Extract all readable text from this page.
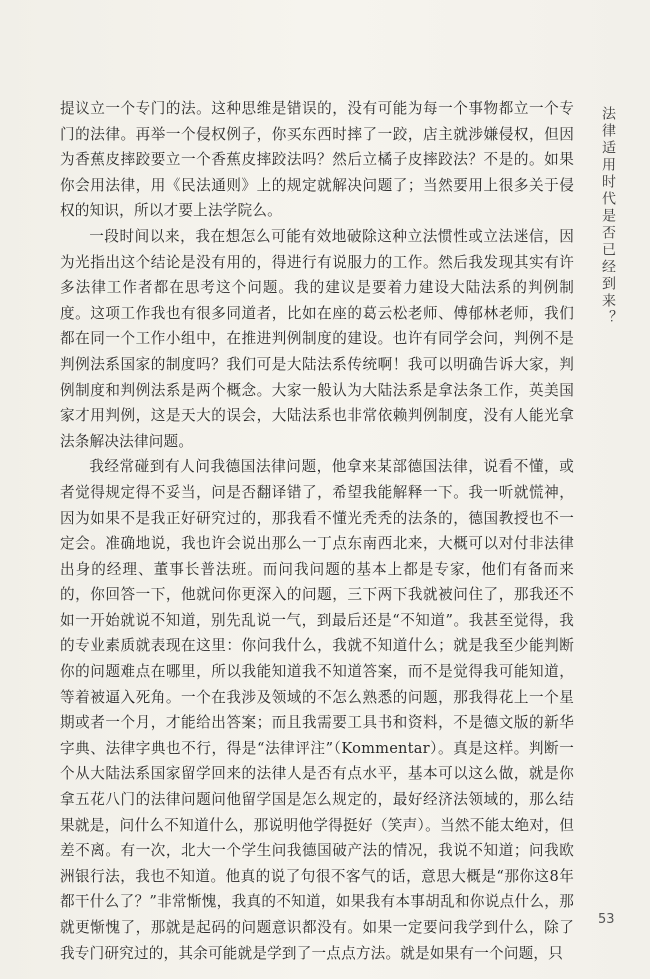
提议立一个专门的法。这种思维是错误的，没有可能为每一个事物都立一个专门的法律。再举一个侵权例子，你买东西时摔了一跤，店主就涉嫌侵权，但因为香蕉皮摔跤要立一个香蕉皮摔跤法吗？然后立橘子皮摔跤法？不是的。如果你会用法律，用《民法通则》上的规定就解决问题了；当然要用上很多关于侵权的知识，所以才要上法学院么。

一段时间以来，我在想怎么可能有效地破除这种立法惯性或立法迷信，因为光指出这个结论是没有用的，得进行有说服力的工作。然后我发现其实有许多法律工作者都在思考这个问题。我的建议是要着力建设大陆法系的判例制度。这项工作我也有很多同道者，比如在座的葛云松老师、傅郁林老师，我们都在同一个工作小组中，在推进判例制度的建设。也许有同学会问，判例不是判例法系国家的制度吗？我们可是大陆法系传统啊！我可以明确告诉大家，判例制度和判例法系是两个概念。大家一般认为大陆法系是拿法条工作，英美国家才用判例，这是天大的误会，大陆法系也非常依赖判例制度，没有人能光拿法条解决法律问题。

我经常碰到有人问我德国法律问题，他拿来某部德国法律，说看不懂，或者觉得规定得不妥当，问是否翻译错了，希望我能解释一下。我一听就慌神，因为如果不是我正好研究过的，那我看不懂光秃秃的法条的，德国教授也不一定会。准确地说，我也许会说出那么一丁点东南西北来，大概可以对付非法律出身的经理、董事长普法班。而问我问题的基本上都是专家，他们有备而来的，你回答一下，他就问你更深入的问题，三下两下我就被问住了，那我还不如一开始就说不知道，别先乱说一气，到最后还是“不知道”。我甚至觉得，我的专业素质就表现在这里：你问我什么，我就不知道什么；就是我至少能判断你的问题难点在哪里，所以我能知道我不知道答案，而不是觉得我可能知道，等着被逼入死角。一个在我涉及领域的不怎么熟悉的问题，那我得花上一个星期或者一个月，才能给出答案；而且我需要工具书和资料，不是德文版的新华字典、法律字典也不行，得是“法律评注”（Kommentar）。真是这样。判断一个从大陆法系国家留学回来的法律人是否有点水平，基本可以这么做，就是你拿五花八门的法律问题问他留学国是怎么规定的，最好经济法领域的，那么结果就是，问什么不知道什么，那说明他学得挺好（笑声）。当然不能太绝对，但差不离。有一次，北大一个学生问我德国破产法的情况，我说不知道；问我欧洲银行法，我也不知道。他真的说了句很不客气的话，意思大概是“那你这8年都干什么了？”非常惭愧，我真的不知道，如果我有本事胡乱和你说点什么，那就更惭愧了，那就是起码的问题意识都没有。如果一定要问我学到什么，除了我专门研究过的，其余可能就是学到了一点点方法。就是如果有一个问题，只

法律适用时代是否已经到来？
53
